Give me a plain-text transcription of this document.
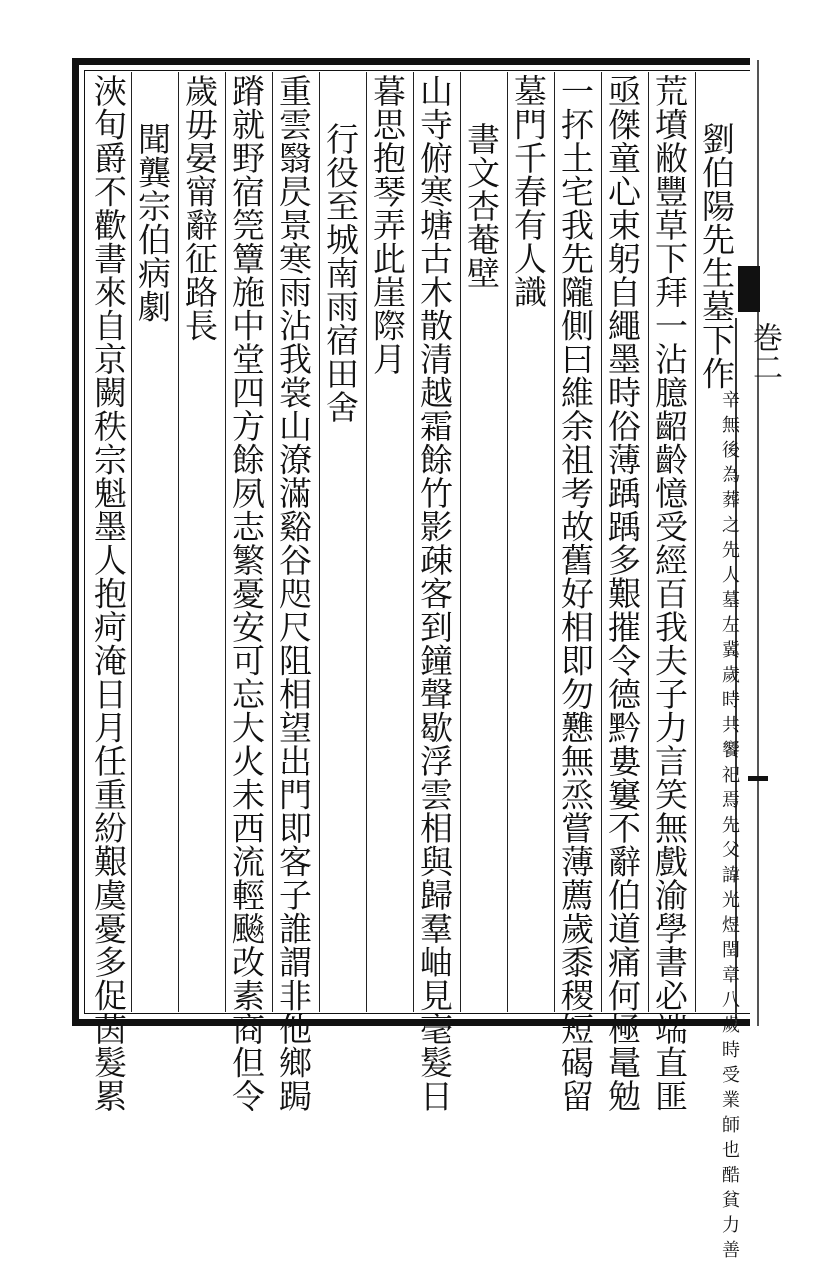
巻二
劉伯陽先生墓下作
先父諱光煜閏章八歲時受業師也酷貧力善
辛無後為葬之先人墓左冀歲時共饗祀焉
荒墳敝豐草下拜一沾臆齠齡憶受經百我夫子力言笑無戲渝學書必端直匪
亟傑童心束躬自繩墨時俗薄踽踽多艱摧令德黔婁窶不辭伯道痛何極鼌勉
一抔土宅我先隴側曰維余祖考故舊好相即勿戁無烝嘗薄薦歲黍稷短碣留
墓門千春有人識
書文杏菴壁
山寺俯寒塘古木散清越霜餘竹影疎客到鐘聲歇浮雲相與歸羣岫見毫髮日
暮思抱琴弄此崖際月
行役至城南雨宿田舍
重雲翳昃景寒雨沾我裳山潦滿谿谷咫尺阻相望出門即客子誰謂非他鄉跼
蹐就野宿筦簟施中堂四方餘夙志繁憂安可忘大火未西流輕飈改素商但令
歲毋晏甯辭征路長
聞龔宗伯病劇
浹旬爵不歡書來自京闕秩宗魁墨人抱疴淹日月任重紛艱虞憂多促茵髮累
